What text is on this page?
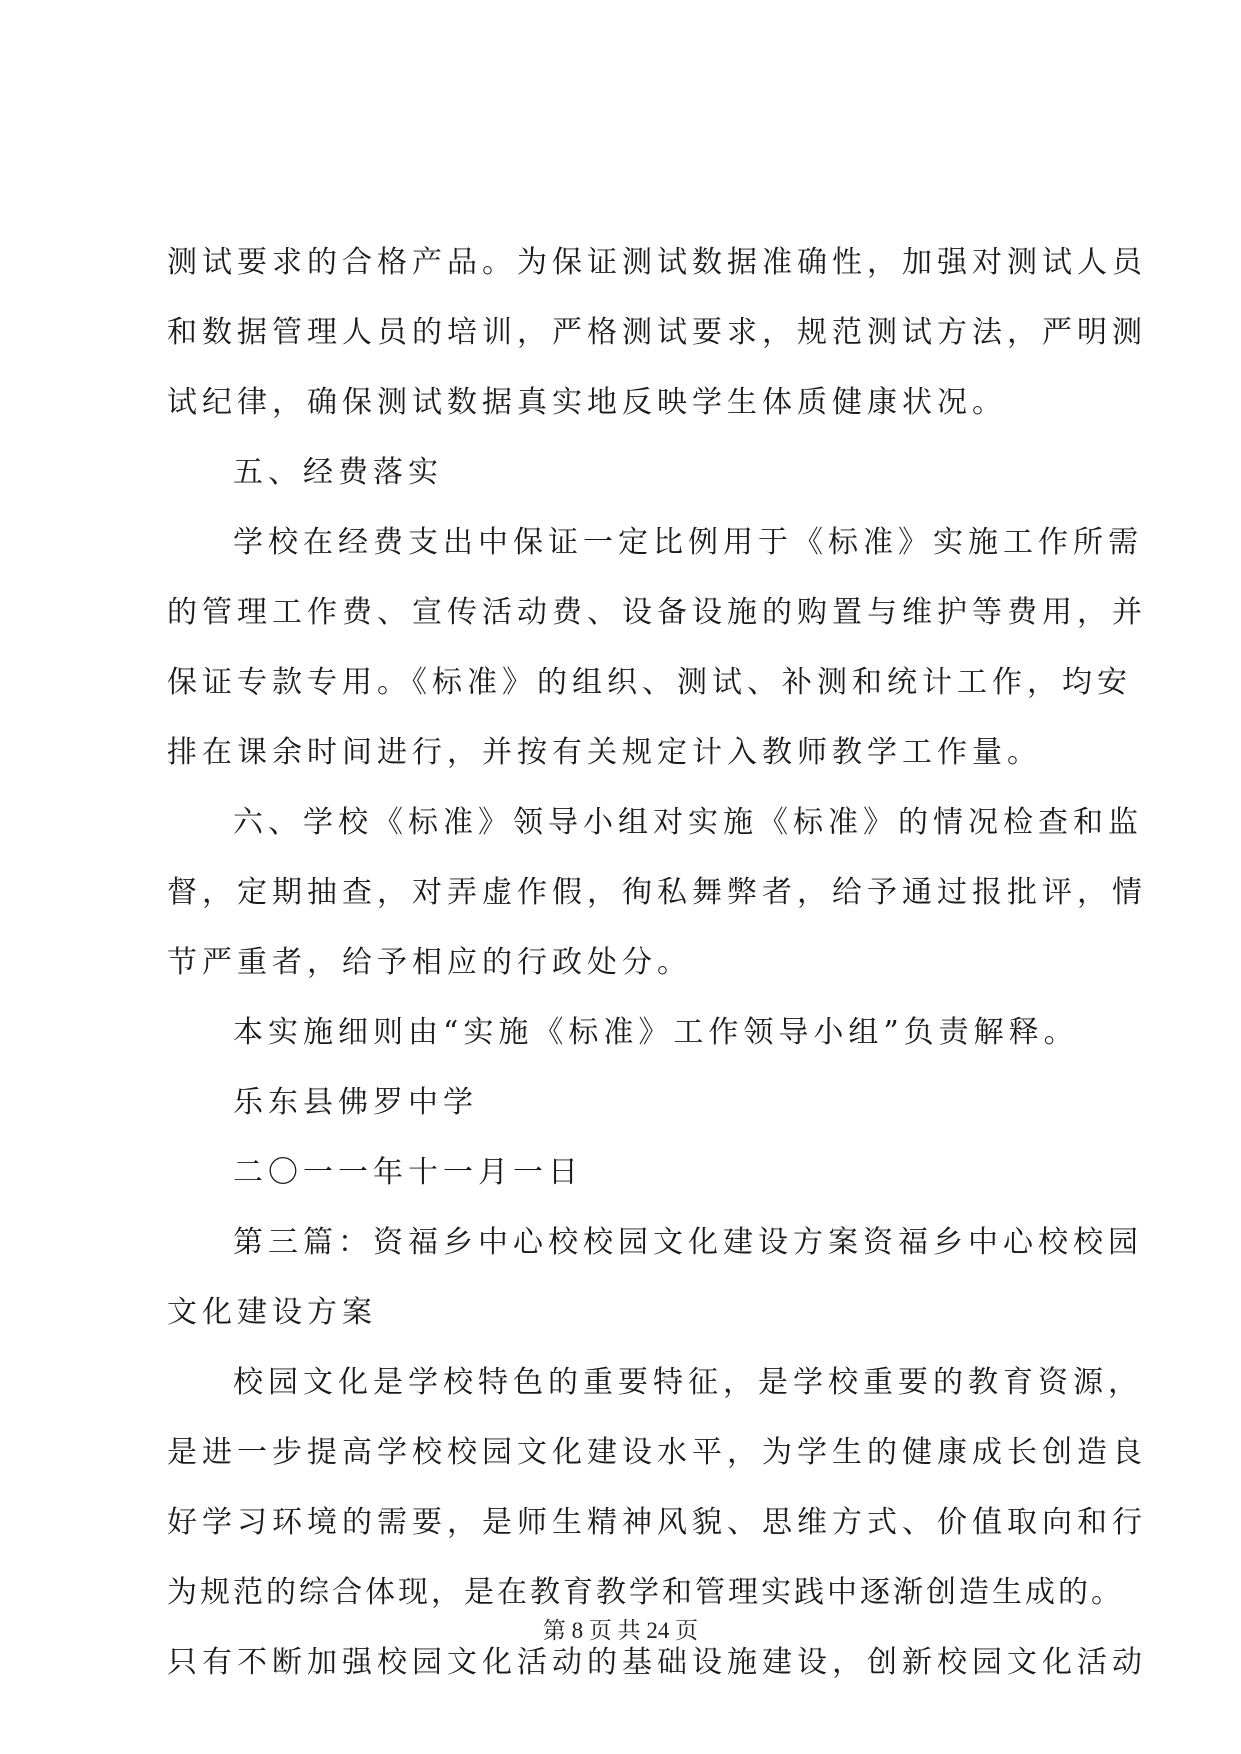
测试要求的合格产品。为保证测试数据准确性，加强对测试人员
和数据管理人员的培训，严格测试要求，规范测试方法，严明测
试纪律，确保测试数据真实地反映学生体质健康状况。
五、经费落实
学校在经费支出中保证一定比例用于《标准》实施工作所需
的管理工作费、宣传活动费、设备设施的购置与维护等费用，并
保证专款专用。《标准》的组织、测试、补测和统计工作，均安
排在课余时间进行，并按有关规定计入教师教学工作量。
六、学校《标准》领导小组对实施《标准》的情况检查和监
督，定期抽查，对弄虚作假，徇私舞弊者，给予通过报批评，情
节严重者，给予相应的行政处分。
本实施细则由“实施《标准》工作领导小组”负责解释。
乐东县佛罗中学
二〇一一年十一月一日
第三篇：资福乡中心校校园文化建设方案资福乡中心校校园
文化建设方案
校园文化是学校特色的重要特征，是学校重要的教育资源，
是进一步提高学校校园文化建设水平，为学生的健康成长创造良
好学习环境的需要，是师生精神风貌、思维方式、价值取向和行
为规范的综合体现，是在教育教学和管理实践中逐渐创造生成的。
只有不断加强校园文化活动的基础设施建设，创新校园文化活动
第 8 页 共 24 页
